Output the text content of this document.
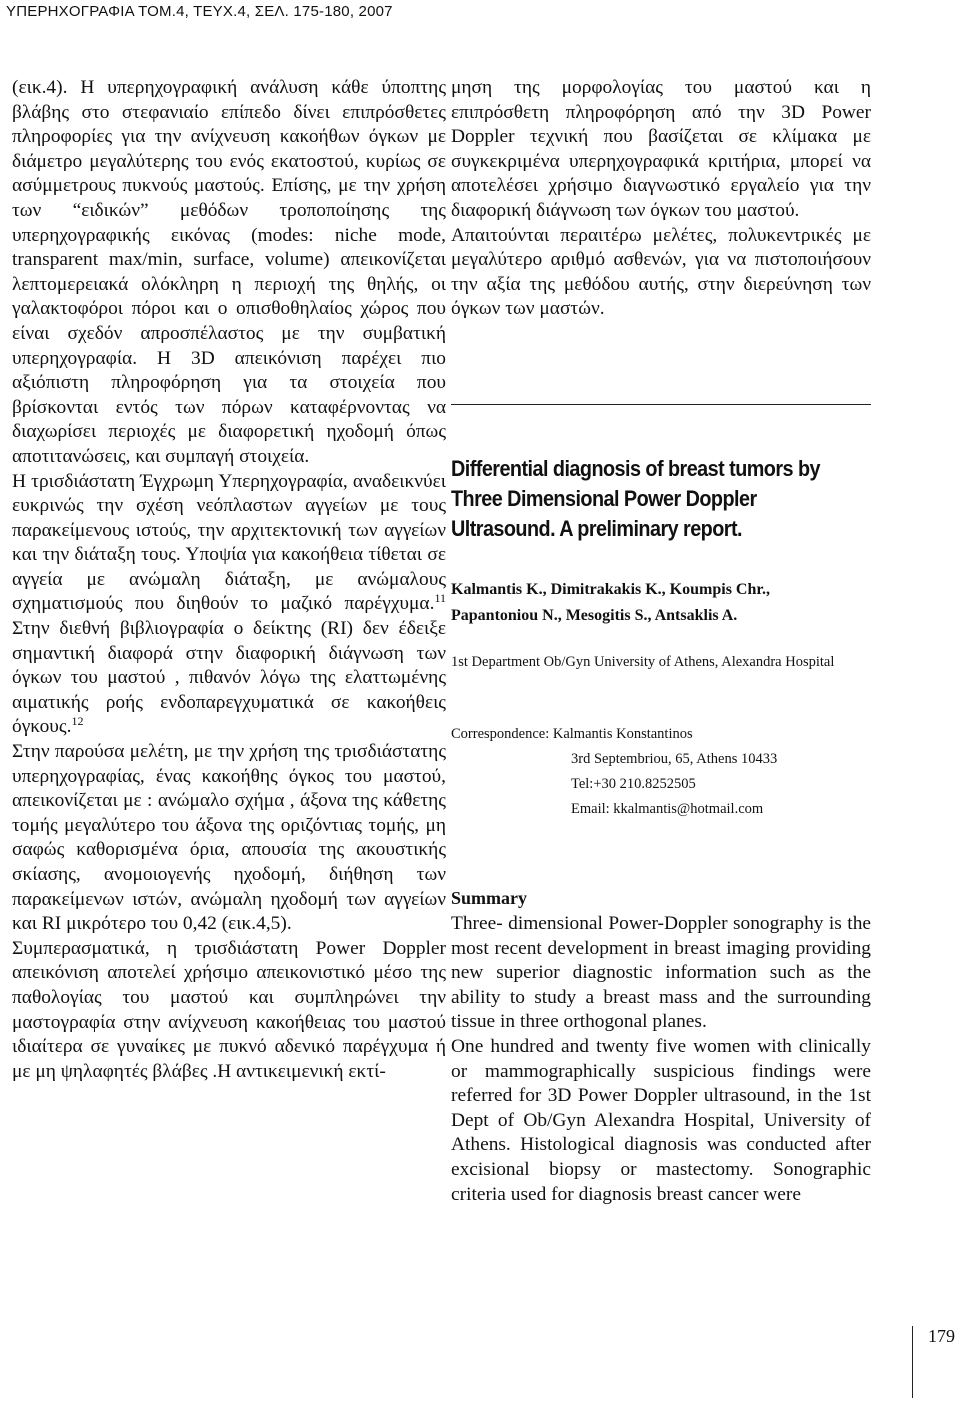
ΥΠΕΡΗΧΟΓΡΑΦΙΑ ΤΟΜ.4, ΤΕΥΧ.4, ΣΕΛ. 175-180, 2007

(εικ.4). Η υπερηχογραφική ανάλυση κάθε ύποπτης βλάβης στο στεφανιαίο επίπεδο δίνει επιπρόσθετες πληροφορίες για την ανίχνευση κακοήθων όγκων με διάμετρο μεγαλύτερης του ενός εκατοστού, κυρίως σε ασύμμετρους πυκνούς μαστούς. Επίσης, με την χρήση των “ειδικών” μεθόδων τροποποίησης της υπερηχογραφικής εικόνας (modes: niche mode, transparent max/min, surface, volume) απεικονίζεται λεπτομερειακά ολόκληρη η περιοχή της θηλής, οι γαλακτοφόροι πόροι και ο οπισθοθηλαίος χώρος που είναι σχεδόν απροσπέλαστος με την συμβατική υπερηχογραφία. Η 3D απεικόνιση παρέχει πιο αξιόπιστη πληροφόρηση για τα στοιχεία που βρίσκονται εντός των πόρων καταφέρνοντας να διαχωρίσει περιοχές με διαφορετική ηχοδομή όπως αποτιτανώσεις, και συμπαγή στοιχεία.

Η τρισδιάστατη Έγχρωμη Υπερηχογραφία, αναδεικνύει ευκρινώς την σχέση νεόπλαστων αγγείων με τους παρακείμενους ιστούς, την αρχιτεκτονική των αγγείων και την διάταξη τους. Υποψία για κακοήθεια τίθεται σε αγγεία με ανώμαλη διάταξη, με ανώμαλους σχηματισμούς που διηθούν το μαζικό παρέγχυμα.$^{11}$ Στην διεθνή βιβλιογραφία ο δείκτης (RI) δεν έδειξε σημαντική διαφορά στην διαφορική διάγνωση των όγκων του μαστού , πιθανόν λόγω της ελαττωμένης αιματικής ροής ενδοπαρεγχυματικά σε κακοήθεις όγκους.$^{12}$

Στην παρούσα μελέτη, με την χρήση της τρισδιάστατης υπερηχογραφίας, ένας κακοήθης όγκος του μαστού, απεικονίζεται με : ανώμαλο σχήμα , άξονα της κάθετης τομής μεγαλύτερο του άξονα της οριζόντιας τομής, μη σαφώς καθορισμένα όρια, απουσία της ακουστικής σκίασης, ανομοιογενής ηχοδομή, διήθηση των παρακείμενων ιστών, ανώμαλη ηχοδομή των αγγείων και RI μικρότερο του 0,42 (εικ.4,5).

Συμπερασματικά, η τρισδιάστατη Power Doppler απεικόνιση αποτελεί χρήσιμο απεικονιστικό μέσο της παθολογίας του μαστού και συμπληρώνει την μαστογραφία στην ανίχνευση κακοήθειας του μαστού ιδιαίτερα σε γυναίκες με πυκνό αδενικό παρέγχυμα ή με μη ψηλαφητές βλάβες .Η αντικειμενική εκτί-

μηση της μορφολογίας του μαστού και η επιπρόσθετη πληροφόρηση από την 3D Power Doppler τεχνική που βασίζεται σε κλίμακα με συγκεκριμένα υπερηχογραφικά κριτήρια, μπορεί να αποτελέσει χρήσιμο διαγνωστικό εργαλείο για την διαφορική διάγνωση των όγκων του μαστού.

Απαιτούνται περαιτέρω μελέτες, πολυκεντρικές με μεγαλύτερο αριθμό ασθενών, για να πιστοποιήσουν την αξία της μεθόδου αυτής, στην διερεύνηση των όγκων των μαστών.

Differential diagnosis of breast tumors by Three Dimensional Power Doppler Ultrasound. A preliminary report.
Kalmantis K., Dimitrakakis K., Koumpis Chr.,
Papantoniou N., Mesogitis S., Antsaklis A.
1st Department Ob/Gyn University of Athens, Alexandra Hospital
Correspondence: Kalmantis Konstantinos
3rd Septembriou, 65, Athens 10433
Tel:+30 210.8252505
Email: kkalmantis@hotmail.com
Summary

Three- dimensional Power-Doppler sonography is the most recent development in breast imaging providing new superior diagnostic information such as the ability to study a breast mass and the surrounding tissue in three orthogonal planes.

One hundred and twenty five women with clinically or mammographically suspicious findings were referred for 3D Power Doppler ultrasound, in the 1st Dept of Ob/Gyn Alexandra Hospital, University of Athens. Histological diagnosis was conducted after excisional biopsy or mastectomy. Sonographic criteria used for diagnosis breast cancer were

179
